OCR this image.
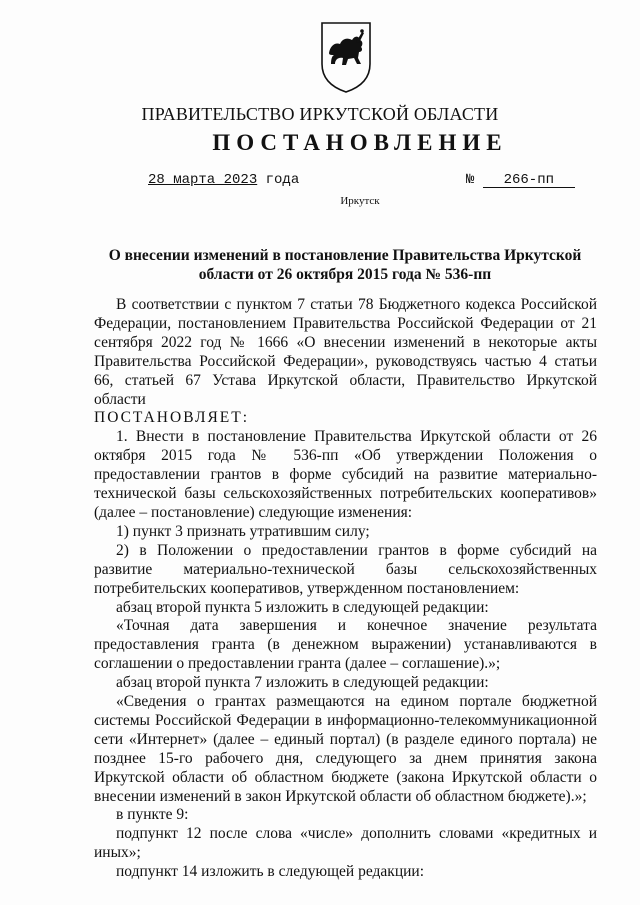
ПРАВИТЕЛЬСТВО ИРКУТСКОЙ ОБЛАСТИ
ПОСТАНОВЛЕНИЕ
28 марта 2023 года	№ 266-пп
Иркутск
О внесении изменений в постановление Правительства Иркутской области от 26 октября 2015 года № 536-пп

В соответствии с пунктом 7 статьи 78 Бюджетного кодекса Российской Федерации, постановлением Правительства Российской Федерации от 21 сентября 2022 год № 1666 «О внесении изменений в некоторые акты Правительства Российской Федерации», руководствуясь частью 4 статьи 66, статьей 67 Устава Иркутской области, Правительство Иркутской области

ПОСТАНОВЛЯЕТ:

1. Внести в постановление Правительства Иркутской области от 26 октября 2015 года № 536-пп «Об утверждении Положения о предоставлении грантов в форме субсидий на развитие материально-технической базы сельскохозяйственных потребительских кооперативов» (далее – постановление) следующие изменения:

1) пункт 3 признать утратившим силу;

2) в Положении о предоставлении грантов в форме субсидий на развитие материально-технической базы сельскохозяйственных потребительских кооперативов, утвержденном постановлением:

абзац второй пункта 5 изложить в следующей редакции:

«Точная дата завершения и конечное значение результата предоставления гранта (в денежном выражении) устанавливаются в соглашении о предоставлении гранта (далее – соглашение).»;

абзац второй пункта 7 изложить в следующей редакции:

«Сведения о грантах размещаются на едином портале бюджетной системы Российской Федерации в информационно-телекоммуникационной сети «Интернет» (далее – единый портал) (в разделе единого портала) не позднее 15-го рабочего дня, следующего за днем принятия закона Иркутской области об областном бюджете (закона Иркутской области о внесении изменений в закон Иркутской области об областном бюджете).»;

в пункте 9:

подпункт 12 после слова «числе» дополнить словами «кредитных и иных»;

подпункт 14 изложить в следующей редакции:
